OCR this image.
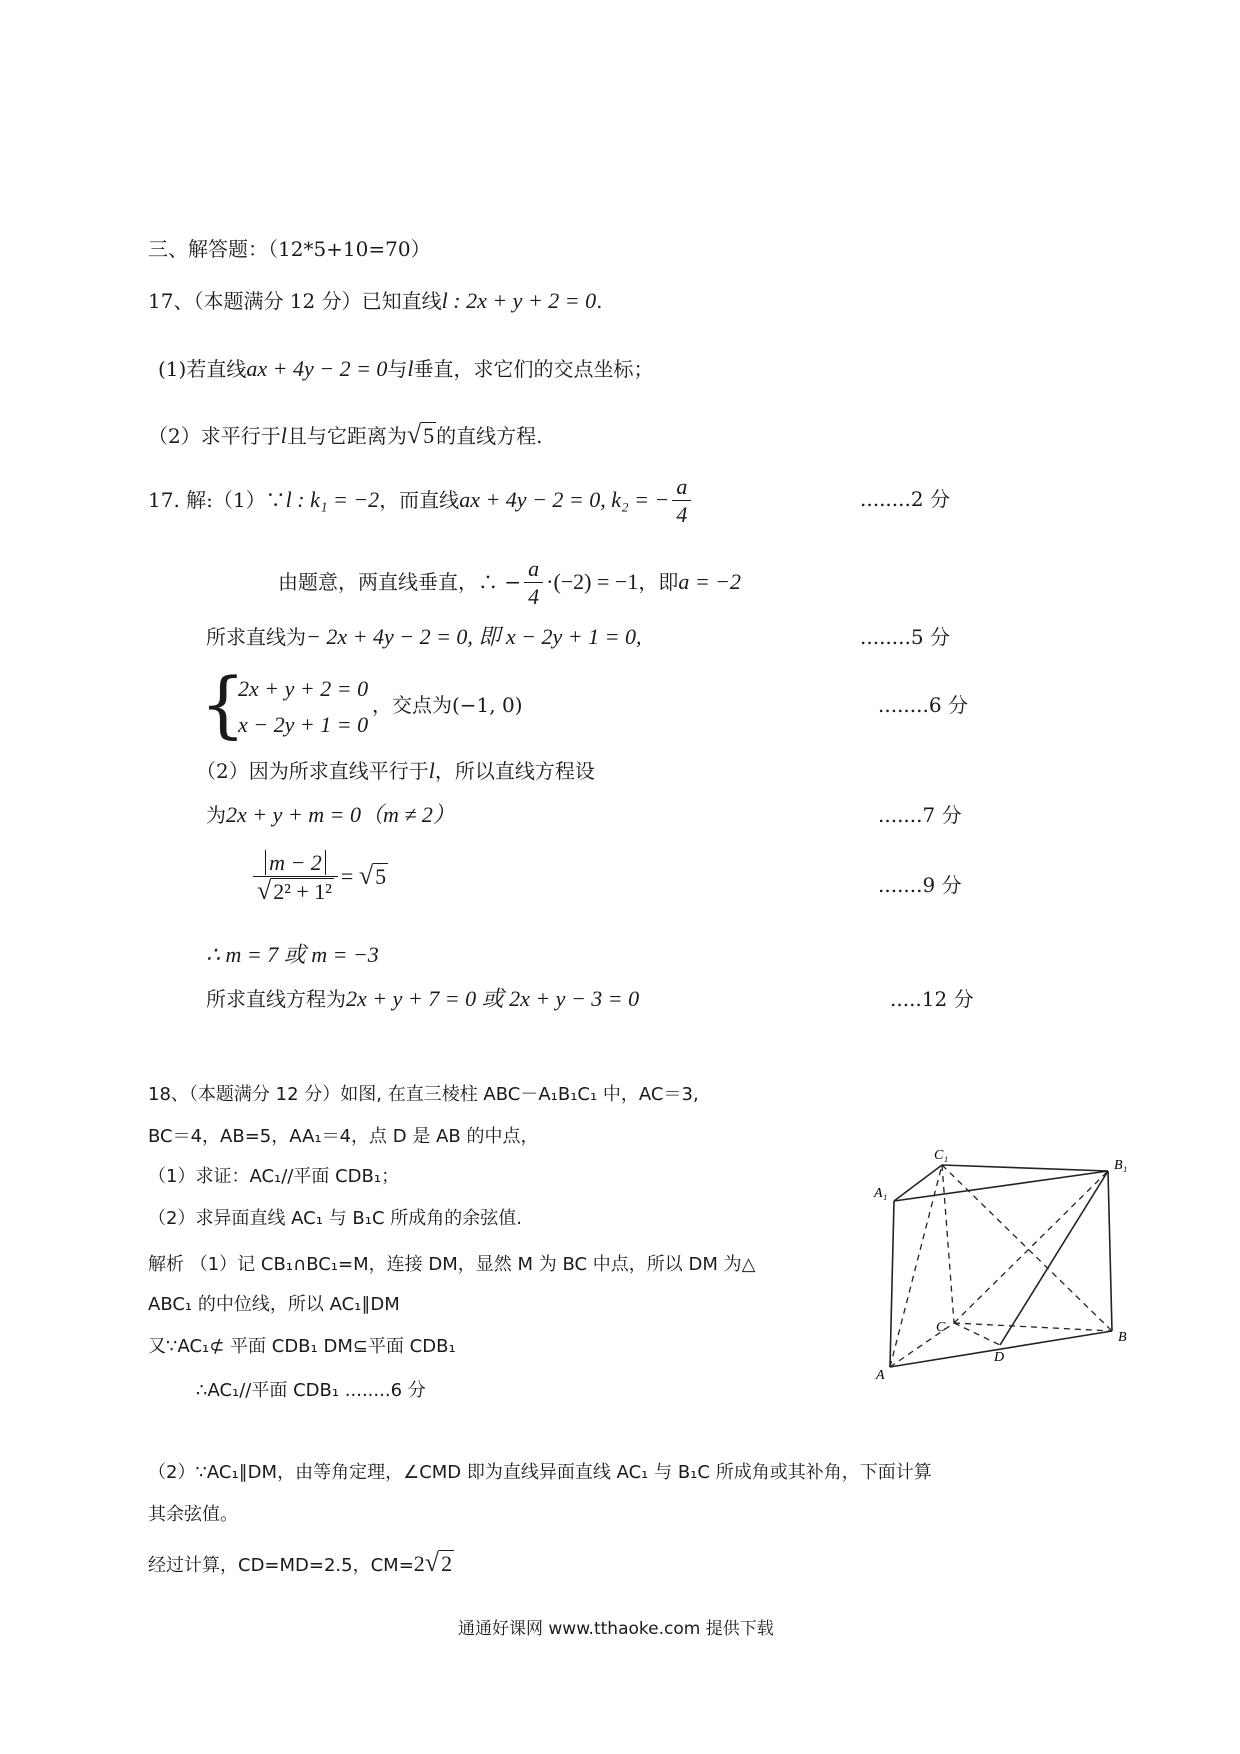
三、解答题：（12*5+10=70）
17、（本题满分 12 分）已知直线l : 2x + y + 2 = 0.
(1)若直线ax + 4y − 2 = 0与l垂直，求它们的交点坐标；
（2）求平行于l且与它距离为√5 的直线方程.
17. 解:（1）∵l : k₁ = −2，而直线ax + 4y − 2 = 0, k₂ = − $\frac{a}{4}$	........2 分
由题意，两直线垂直，∴ − $\frac{a}{4} \cdot(-2) = -1$，即a = −2
所求直线为− 2x + 4y − 2 = 0, 即 x − 2y + 1 = 0,	........5 分
{
2x + y + 2 = 0
x − 2y + 1 = 0
，交点为(−1, 0)	........6 分
（2）因为所求直线平行于l，所以直线方程设
为2x + y + m = 0（m ≠ 2）	.......7 分
$\frac{m - 2}{\text{√2² + 1²}} = √5$	.......9 分
∴ m = 7 或 m = −3
所求直线方程为2x + y + 7 = 0 或 2x + y − 3 = 0	.....12 分
18、（本题满分 12 分）如图, 在直三棱柱 ABC－A₁B₁C₁ 中，AC＝3,
BC＝4，AB=5，AA₁＝4，点 D 是 AB 的中点，
（1）求证：AC₁//平面 CDB₁；
（2）求异面直线 AC₁ 与 B₁C 所成角的余弦值.
解析 （1）记 CB₁∩BC₁=M，连接 DM，显然 M 为 BC 中点，所以 DM 为△
ABC₁ 的中位线，所以 AC₁∥DM
又∵AC₁⊄ 平面 CDB₁ DM⊆平面 CDB₁
∴AC₁//平面 CDB₁ ........6 分
（2）∵AC₁∥DM，由等角定理，∠CMD 即为直线异面直线 AC₁ 与 B₁C 所成角或其补角，下面计算
其余弦值。
经过计算，CD=MD=2.5，CM=2√2
A₁
C₁
B₁
C
B
D
A
通通好课网 www.tthaoke.com 提供下载
